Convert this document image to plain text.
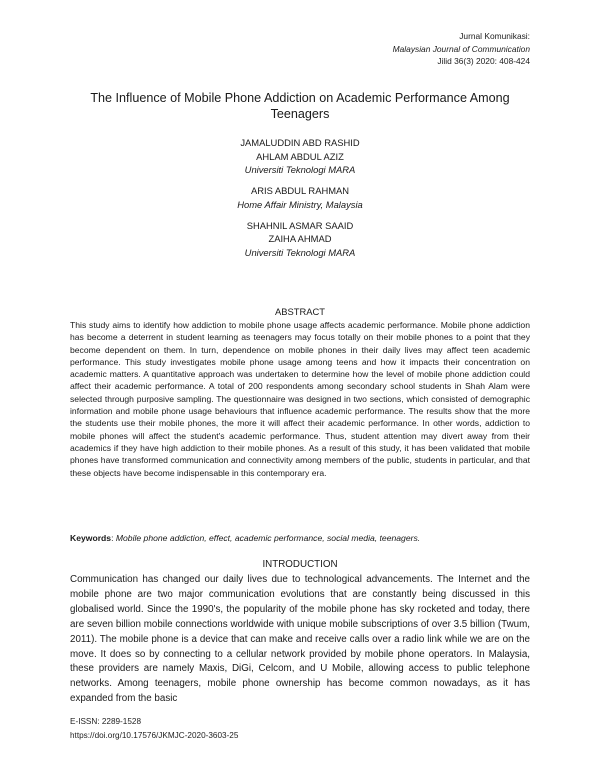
Jurnal Komunikasi:
Malaysian Journal of Communication
Jilid 36(3) 2020: 408-424
The Influence of Mobile Phone Addiction on Academic Performance Among Teenagers
JAMALUDDIN ABD RASHID
AHLAM ABDUL AZIZ
Universiti Teknologi MARA
ARIS ABDUL RAHMAN
Home Affair Ministry, Malaysia
SHAHNIL ASMAR SAAID
ZAIHA AHMAD
Universiti Teknologi MARA
ABSTRACT
This study aims to identify how addiction to mobile phone usage affects academic performance. Mobile phone addiction has become a deterrent in student learning as teenagers may focus totally on their mobile phones to a point that they become dependent on them. In turn, dependence on mobile phones in their daily lives may affect teen academic performance. This study investigates mobile phone usage among teens and how it impacts their concentration on academic matters. A quantitative approach was undertaken to determine how the level of mobile phone addiction could affect their academic performance. A total of 200 respondents among secondary school students in Shah Alam were selected through purposive sampling. The questionnaire was designed in two sections, which consisted of demographic information and mobile phone usage behaviours that influence academic performance. The results show that the more the students use their mobile phones, the more it will affect their academic performance. In other words, addiction to mobile phones will affect the student's academic performance. Thus, student attention may divert away from their academics if they have high addiction to their mobile phones. As a result of this study, it has been validated that mobile phones have transformed communication and connectivity among members of the public, students in particular, and that these objects have become indispensable in this contemporary era.
Keywords: Mobile phone addiction, effect, academic performance, social media, teenagers.
INTRODUCTION
Communication has changed our daily lives due to technological advancements. The Internet and the mobile phone are two major communication evolutions that are constantly being discussed in this globalised world. Since the 1990's, the popularity of the mobile phone has sky rocketed and today, there are seven billion mobile connections worldwide with unique mobile subscriptions of over 3.5 billion (Twum, 2011). The mobile phone is a device that can make and receive calls over a radio link while we are on the move. It does so by connecting to a cellular network provided by mobile phone operators. In Malaysia, these providers are namely Maxis, DiGi, Celcom, and U Mobile, allowing access to public telephone networks. Among teenagers, mobile phone ownership has become common nowadays, as it has expanded from the basic
E-ISSN: 2289-1528
https://doi.org/10.17576/JKMJC-2020-3603-25
